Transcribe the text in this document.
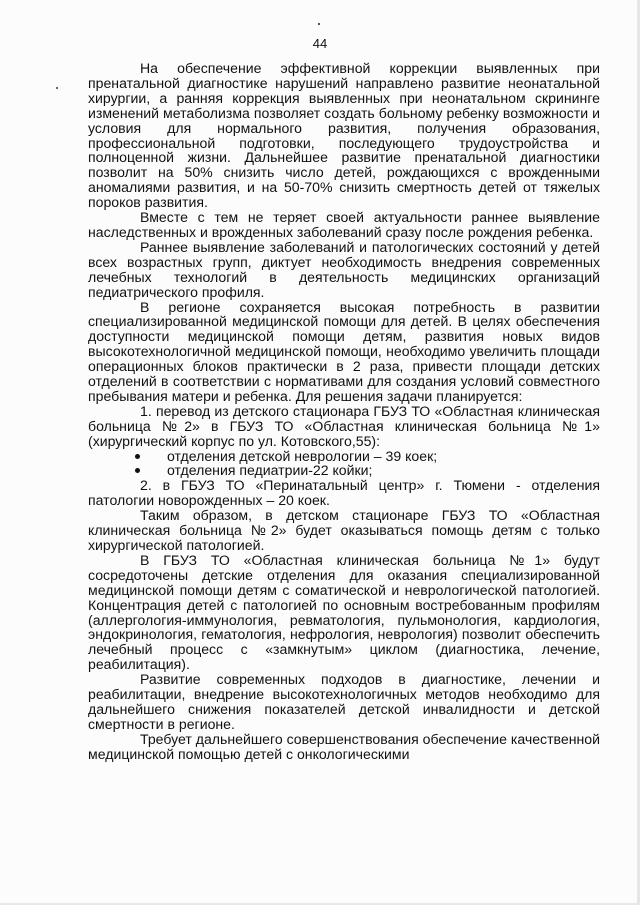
44

На обеспечение эффективной коррекции выявленных при пренатальной диагностике нарушений направлено развитие неонатальной хирургии, а ранняя коррекция выявленных при неонатальном скрининге изменений метаболизма позволяет создать больному ребенку возможности и условия для нормального развития, получения образования, профессиональной подготовки, последующего трудоустройства и полноценной жизни. Дальнейшее развитие пренатальной диагностики позволит на 50% снизить число детей, рождающихся с врожденными аномалиями развития, и на 50-70% снизить смертность детей от тяжелых пороков развития.

Вместе с тем не теряет своей актуальности раннее выявление наследственных и врожденных заболеваний сразу после рождения ребенка.

Раннее выявление заболеваний и патологических состояний у детей всех возрастных групп, диктует необходимость внедрения современных лечебных технологий в деятельность медицинских организаций педиатрического профиля.

В регионе сохраняется высокая потребность в развитии специализированной медицинской помощи для детей. В целях обеспечения доступности медицинской помощи детям, развития новых видов высокотехнологичной медицинской помощи, необходимо увеличить площади операционных блоков практически в 2 раза, привести площади детских отделений в соответствии с нормативами для создания условий совместного пребывания матери и ребенка. Для решения задачи планируется:

1. перевод из детского стационара ГБУЗ ТО «Областная клиническая больница №2» в ГБУЗ ТО «Областная клиническая больница №1» (хирургический корпус по ул. Котовского,55):

отделения детской неврологии – 39 коек;
отделения педиатрии-22 койки;

2. в ГБУЗ ТО «Перинатальный центр» г. Тюмени - отделения патологии новорожденных – 20 коек.

Таким образом, в детском стационаре ГБУЗ ТО «Областная клиническая больница №2» будет оказываться помощь детям с только хирургической патологией.

В ГБУЗ ТО «Областная клиническая больница №1» будут сосредоточены детские отделения для оказания специализированной медицинской помощи детям с соматической и неврологической патологией. Концентрация детей с патологией по основным востребованным профилям (аллергология-иммунология, ревматология, пульмонология, кардиология, эндокринология, гематология, нефрология, неврология) позволит обеспечить лечебный процесс с «замкнутым» циклом (диагностика, лечение, реабилитация).

Развитие современных подходов в диагностике, лечении и реабилитации, внедрение высокотехнологичных методов необходимо для дальнейшего снижения показателей детской инвалидности и детской смертности в регионе.

Требует дальнейшего совершенствования обеспечение качественной медицинской помощью детей с онкологическими
